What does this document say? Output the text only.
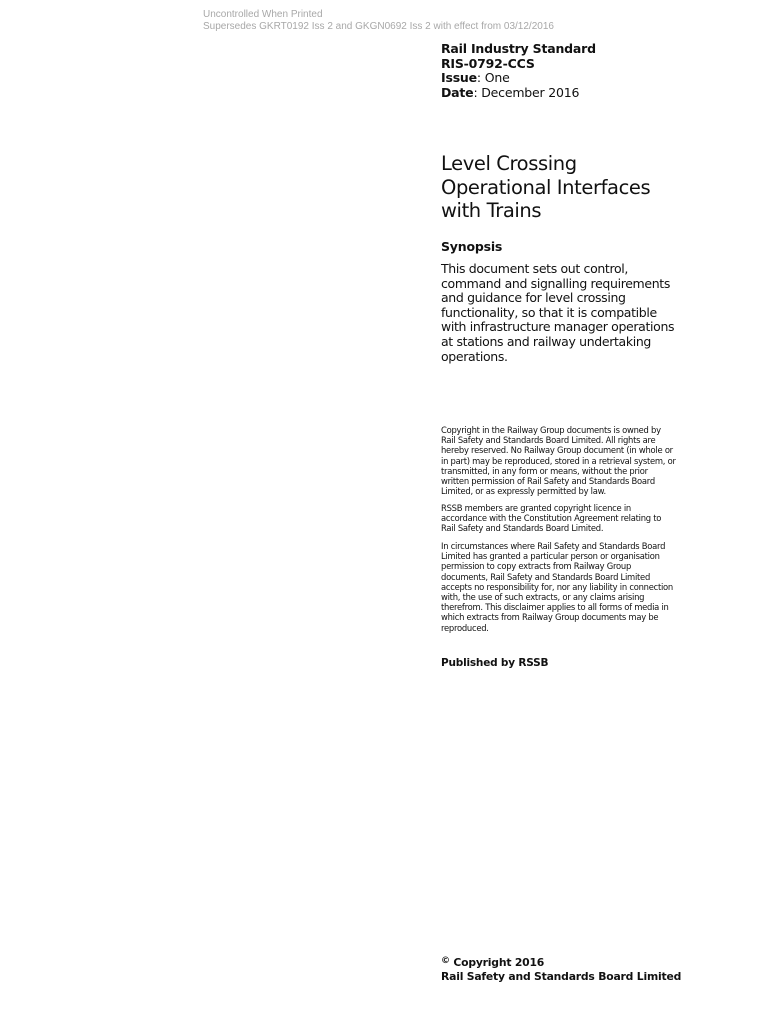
Uncontrolled When Printed
Supersedes GKRT0192 Iss 2 and GKGN0692 Iss 2 with effect from 03/12/2016
Rail Industry Standard
RIS-0792-CCS
Issue: One
Date: December 2016
Level Crossing
Operational Interfaces
with Trains
Synopsis
This document sets out control, command and signalling requirements and guidance for level crossing functionality, so that it is compatible with infrastructure manager operations at stations and railway undertaking operations.
Copyright in the Railway Group documents is owned by Rail Safety and Standards Board Limited. All rights are hereby reserved. No Railway Group document (in whole or in part) may be reproduced, stored in a retrieval system, or transmitted, in any form or means, without the prior written permission of Rail Safety and Standards Board Limited, or as expressly permitted by law.
RSSB members are granted copyright licence in accordance with the Constitution Agreement relating to Rail Safety and Standards Board Limited.
In circumstances where Rail Safety and Standards Board Limited has granted a particular person or organisation permission to copy extracts from Railway Group documents, Rail Safety and Standards Board Limited accepts no responsibility for, nor any liability in connection with, the use of such extracts, or any claims arising therefrom. This disclaimer applies to all forms of media in which extracts from Railway Group documents may be reproduced.
Published by RSSB
© Copyright 2016
Rail Safety and Standards Board Limited
